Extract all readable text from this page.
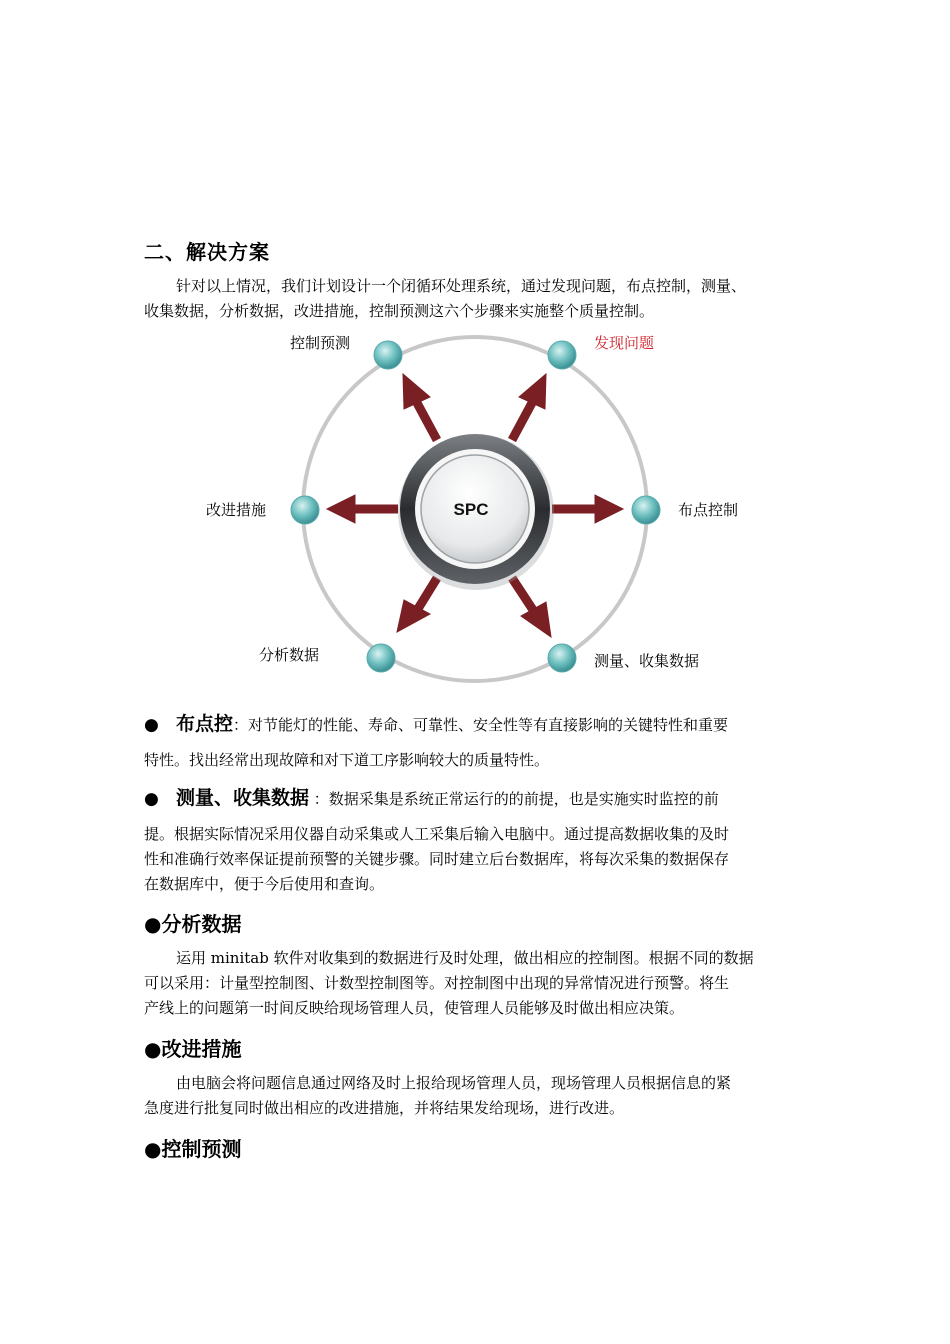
二、解决方案
针对以上情况，我们计划设计一个闭循环处理系统，通过发现问题，布点控制，测量、
收集数据，分析数据，改进措施，控制预测这六个步骤来实施整个质量控制。
SPC
控制预测	发现问题
布点控制
测量、收集数据
分析数据
改进措施
● 布点控：对节能灯的性能、寿命、可靠性、安全性等有直接影响的关键特性和重要
特性。找出经常出现故障和对下道工序影响较大的质量特性。
● 测量、收集数据 ：数据采集是系统正常运行的的前提，也是实施实时监控的前
提。根据实际情况采用仪器自动采集或人工采集后输入电脑中。通过提高数据收集的及时
性和准确行效率保证提前预警的关键步骤。同时建立后台数据库，将每次采集的数据保存
在数据库中，便于今后使用和查询。
●分析数据
运用 minitab 软件对收集到的数据进行及时处理，做出相应的控制图。根据不同的数据
可以采用：计量型控制图、计数型控制图等。对控制图中出现的异常情况进行预警。将生
产线上的问题第一时间反映给现场管理人员，使管理人员能够及时做出相应决策。
●改进措施
由电脑会将问题信息通过网络及时上报给现场管理人员，现场管理人员根据信息的紧
急度进行批复同时做出相应的改进措施，并将结果发给现场，进行改进。
●控制预测
